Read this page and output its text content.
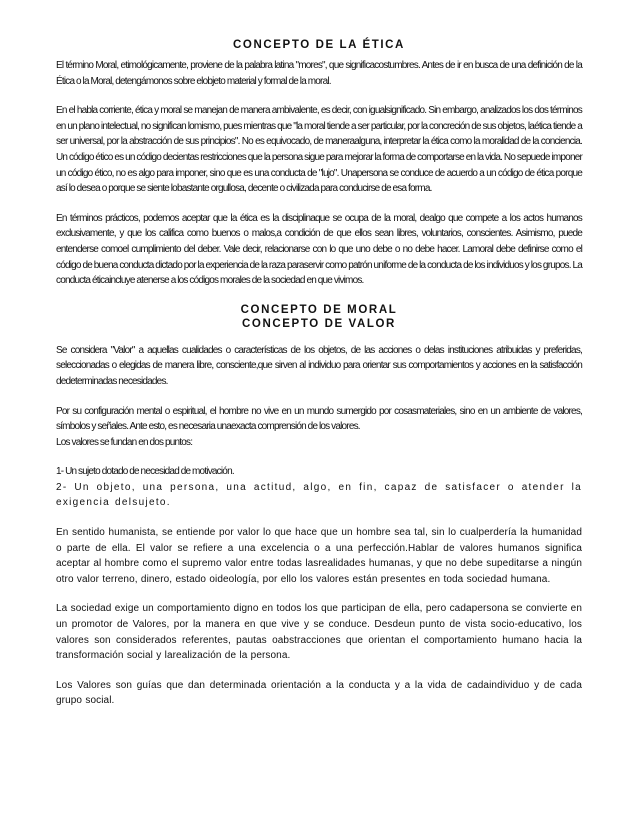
CONCEPTO DE LA ÉTICA

El término Moral, etimológicamente, proviene de la palabra latina "mores", que significacostumbres. Antes de ir en busca de una definición de la Ética o la Moral, detengámonos sobre elobjeto material y formal de la moral.

En el habla corriente, ética y moral se manejan de manera ambivalente, es decir, con igualsignificado. Sin embargo, analizados los dos términos en un plano intelectual, no significan lomismo, pues mientras que "la moral tiende a ser particular, por la concreción de sus objetos, laética tiende a ser universal, por la abstracción de sus principios". No es equivocado, de maneraalguna, interpretar la ética como la moralidad de la conciencia. Un código ético es un código decientas restricciones que la persona sigue para mejorar la forma de comportarse en la vida. No sepuede imponer un código ético, no es algo para imponer, sino que es una conducta de "lujo". Unapersona se conduce de acuerdo a un código de ética porque así lo desea o porque se siente lobastante orgullosa, decente o civilizada para conducirse de esa forma.

En términos prácticos, podemos aceptar que la ética es la disciplinaque se ocupa de la moral, dealgo que compete a los actos humanos exclusivamente, y que los califica como buenos o malos,a condición de que ellos sean libres, voluntarios, conscientes. Asimismo, puede entenderse comoel cumplimiento del deber. Vale decir, relacionarse con lo que uno debe o no debe hacer. Lamoral debe definirse como el código de buena conducta dictado por la experiencia de la raza paraservir como patrón uniforme de la conducta de los individuos y los grupos. La conducta éticaincluye atenerse a los códigos morales de la sociedad en que vivimos.

CONCEPTO DE MORAL
CONCEPTO DE VALOR

Se considera "Valor" a aquellas cualidades o características de los objetos, de las acciones o delas instituciones atribuidas y preferidas, seleccionadas o elegidas de manera libre, consciente,que sirven al individuo para orientar sus comportamientos y acciones en la satisfacción dedeterminadas necesidades.

Por su configuración mental o espiritual, el hombre no vive en un mundo sumergido por cosasmateriales, sino en un ambiente de valores, símbolos y señales. Ante esto, es necesaria unaexacta comprensión de los valores.

Los valores se fundan en dos puntos:

1- Un sujeto dotado de necesidad de motivación.

2- Un objeto, una persona, una actitud, algo, en fin, capaz de satisfacer o atender la exigencia delsujeto.

En sentido humanista, se entiende por valor lo que hace que un hombre sea tal, sin lo cualperdería la humanidad o parte de ella. El valor se refiere a una excelencia o a una perfección.Hablar de valores humanos significa aceptar al hombre como el supremo valor entre todas lasrealidades humanas, y que no debe supeditarse a ningún otro valor terreno, dinero, estado oideología, por ello los valores están presentes en toda sociedad humana.

La sociedad exige un comportamiento digno en todos los que participan de ella, pero cadapersona se convierte en un promotor de Valores, por la manera en que vive y se conduce. Desdeun punto de vista socio-educativo, los valores son considerados referentes, pautas oabstracciones que orientan el comportamiento humano hacia la transformación social y larealización de la persona.

Los Valores son guías que dan determinada orientación a la conducta y a la vida de cadaindividuo y de cada grupo social.
